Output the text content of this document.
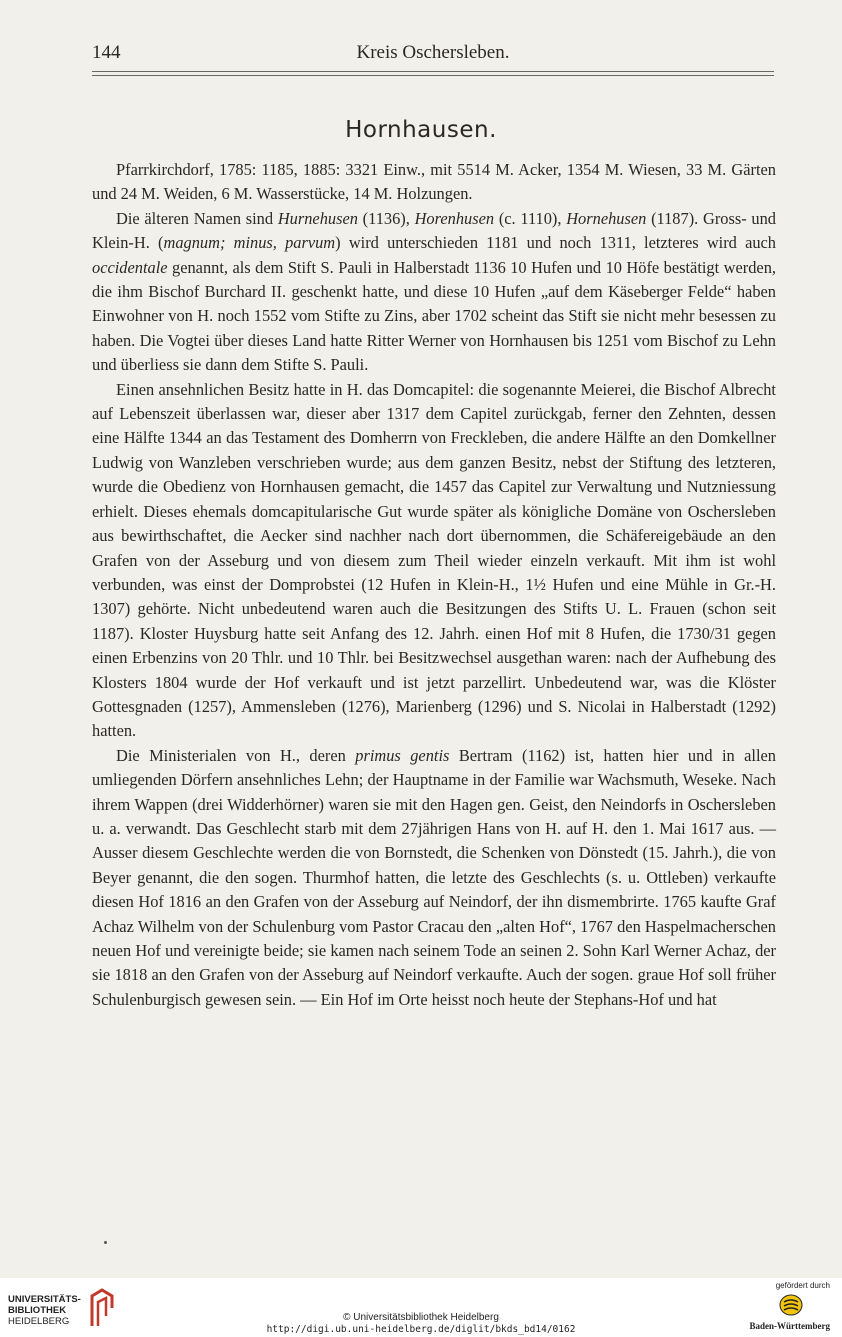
144	Kreis Oschersleben.
Hornhausen.

Pfarrkirchdorf, 1785: 1185, 1885: 3321 Einw., mit 5514 M. Acker, 1354 M. Wiesen, 33 M. Gärten und 24 M. Weiden, 6 M. Wasserstücke, 14 M. Holzungen.

Die älteren Namen sind Hurnehusen (1136), Horenhusen (c. 1110), Hornehusen (1187). Gross- und Klein-H. (magnum; minus, parvum) wird unterschieden 1181 und noch 1311, letzteres wird auch occidentale genannt, als dem Stift S. Pauli in Halberstadt 1136 10 Hufen und 10 Höfe bestätigt werden, die ihm Bischof Burchard II. geschenkt hatte, und diese 10 Hufen „auf dem Käseberger Felde“ haben Einwohner von H. noch 1552 vom Stifte zu Zins, aber 1702 scheint das Stift sie nicht mehr besessen zu haben. Die Vogtei über dieses Land hatte Ritter Werner von Hornhausen bis 1251 vom Bischof zu Lehn und überliess sie dann dem Stifte S. Pauli.

Einen ansehnlichen Besitz hatte in H. das Domcapitel: die sogenannte Meierei, die Bischof Albrecht auf Lebenszeit überlassen war, dieser aber 1317 dem Capitel zurückgab, ferner den Zehnten, dessen eine Hälfte 1344 an das Testament des Domherrn von Freckleben, die andere Hälfte an den Domkellner Ludwig von Wanzleben verschrieben wurde; aus dem ganzen Besitz, nebst der Stiftung des letzteren, wurde die Obedienz von Hornhausen gemacht, die 1457 das Capitel zur Verwaltung und Nutzniessung erhielt. Dieses ehemals domcapitularische Gut wurde später als königliche Domäne von Oschersleben aus bewirthschaftet, die Aecker sind nachher nach dort übernommen, die Schäfereigebäude an den Grafen von der Asseburg und von diesem zum Theil wieder einzeln verkauft. Mit ihm ist wohl verbunden, was einst der Domprobstei (12 Hufen in Klein-H., 1½ Hufen und eine Mühle in Gr.-H. 1307) gehörte. Nicht unbedeutend waren auch die Besitzungen des Stifts U. L. Frauen (schon seit 1187). Kloster Huysburg hatte seit Anfang des 12. Jahrh. einen Hof mit 8 Hufen, die 1730/31 gegen einen Erbenzins von 20 Thlr. und 10 Thlr. bei Besitzwechsel ausgethan waren: nach der Aufhebung des Klosters 1804 wurde der Hof verkauft und ist jetzt parzellirt. Unbedeutend war, was die Klöster Gottesgnaden (1257), Ammensleben (1276), Marienberg (1296) und S. Nicolai in Halberstadt (1292) hatten.

Die Ministerialen von H., deren primus gentis Bertram (1162) ist, hatten hier und in allen umliegenden Dörfern ansehnliches Lehn; der Hauptname in der Familie war Wachsmuth, Weseke. Nach ihrem Wappen (drei Widderhörner) waren sie mit den Hagen gen. Geist, den Neindorfs in Oschersleben u. a. verwandt. Das Geschlecht starb mit dem 27jährigen Hans von H. auf H. den 1. Mai 1617 aus. — Ausser diesem Geschlechte werden die von Bornstedt, die Schenken von Dönstedt (15. Jahrh.), die von Beyer genannt, die den sogen. Thurmhof hatten, die letzte des Geschlechts (s. u. Ottleben) verkaufte diesen Hof 1816 an den Grafen von der Asseburg auf Neindorf, der ihn dismembrirte. 1765 kaufte Graf Achaz Wilhelm von der Schulenburg vom Pastor Cracau den „alten Hof“, 1767 den Haspelmacherschen neuen Hof und vereinigte beide; sie kamen nach seinem Tode an seinen 2. Sohn Karl Werner Achaz, der sie 1818 an den Grafen von der Asseburg auf Neindorf verkaufte. Auch der sogen. graue Hof soll früher Schulenburgisch gewesen sein. — Ein Hof im Orte heisst noch heute der Stephans-Hof und hat

UNIVERSITÄTS-
BIBLIOTHEK
HEIDELBERG	© Universitätsbibliothek Heidelberg
http://digi.ub.uni-heidelberg.de/diglit/bkds_bd14/0162
gefördert durch
Baden-Württemberg
